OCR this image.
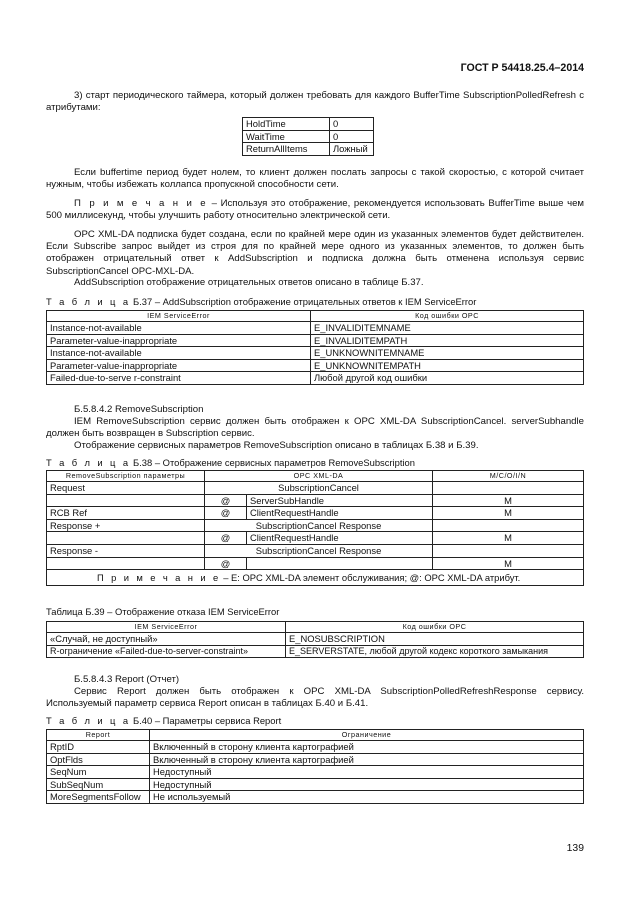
ГОСТ Р 54418.25.4–2014

3) старт периодического таймера, который должен требовать для каждого BufferTime SubscriptionPolledRefresh с атрибутами:

HoldTime	0
WaitTime	0
ReturnAllItems	Ложный

Если buffertime период будет нолем, то клиент должен послать запросы с такой скоростью, с которой считает нужным, чтобы избежать коллапса пропускной способности сети.

П р и м е ч а н и е – Используя это отображение, рекомендуется использовать BufferTime выше чем 500 миллисекунд, чтобы улучшить работу относительно электрической сети.

OPC XML-DA подписка будет создана, если по крайней мере один из указанных элементов будет действителен. Если Subscribe запрос выйдет из строя для по крайней мере одного из указанных элементов, то должен быть отображен отрицательный ответ к AddSubscription и подписка должна быть отменена используя сервис SubscriptionCancel OPC-MXL-DA.

AddSubscription отображение отрицательных ответов описано в таблице Б.37.

Т а б л и ц а Б.37 – AddSubscription отображение отрицательных ответов к IEM ServiceError
IEM ServiceError	Код ошибки OPC
Instance-not-available	E_INVALIDITEMNAME
Parameter-value-inappropriate	E_INVALIDITEMPATH
Instance-not-available	E_UNKNOWNITEMNAME
Parameter-value-inappropriate	E_UNKNOWNITEMPATH
Failed-due-to-serve r-constraint	Любой другой код ошибки

Б.5.8.4.2 RemoveSubscription

IEM RemoveSubscription сервис должен быть отображен к OPC XML-DA SubscriptionCancel. serverSubhandle должен быть возвращен в Subscription сервис.

Отображение сервисных параметров RemoveSubscription описано в таблицах Б.38 и Б.39.

Т а б л и ц а Б.38 – Отображение сервисных параметров RemoveSubscription
RemoveSubscription параметры	OPC XML-DA		M/C/O/I/N
Request	SubscriptionCancel		
	@	ServerSubHandle	M
RCB Ref	@	ClientRequestHandle	M
Response +	SubscriptionCancel Response		
	@	ClientRequestHandle	M
Response -	SubscriptionCancel Response		
	@		M
П р и м е ч а н и е – E: OPC XML-DA элемент обслуживания; @: OPC XML-DA атрибут.			
Таблица Б.39 – Отображение отказа IEM ServiceError
IEM ServiceError	Код ошибки OPC
«Случай, не доступный»	E_NOSUBSCRIPTION
R-ограничение «Failed-due-to-server-constraint»	E_SERVERSTATE, любой другой кодекс короткого замыкания

Б.5.8.4.3 Report (Отчет)

Сервис Report должен быть отображен к OPC XML-DA SubscriptionPolledRefreshResponse сервису. Используемый параметр сервиса Report описан в таблицах Б.40 и Б.41.

Т а б л и ц а Б.40 – Параметры сервиса Report
Report	Ограничение
RptID	Включенный в сторону клиента картографией
OptFlds	Включенный в сторону клиента картографией
SeqNum	Недоступный
SubSeqNum	Недоступный
MoreSegmentsFollow	Не используемый
139
